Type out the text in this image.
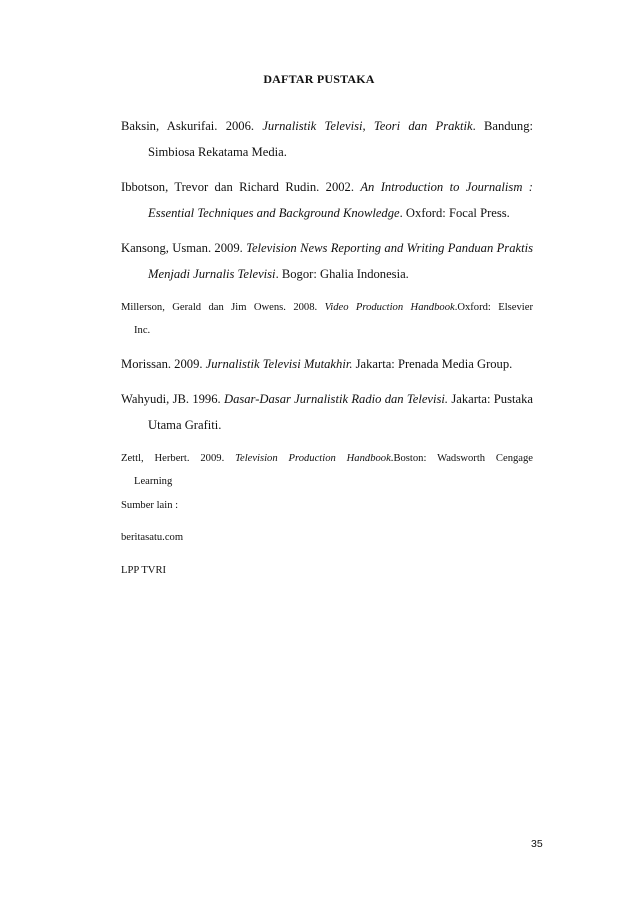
DAFTAR PUSTAKA

Baksin, Askurifai. 2006. Jurnalistik Televisi, Teori dan Praktik. Bandung:
Simbiosa Rekatama Media.

Ibbotson, Trevor dan Richard Rudin. 2002. An Introduction to Journalism :
Essential Techniques and Background Knowledge. Oxford: Focal Press.

Kansong, Usman. 2009. Television News Reporting and Writing Panduan Praktis
Menjadi Jurnalis Televisi. Bogor: Ghalia Indonesia.

Millerson, Gerald dan Jim Owens. 2008. Video Production Handbook.Oxford: Elsevier
Inc.

Morissan. 2009. Jurnalistik Televisi Mutakhir. Jakarta: Prenada Media Group.

Wahyudi, JB. 1996. Dasar-Dasar Jurnalistik Radio dan Televisi. Jakarta: Pustaka
Utama Grafiti.

Zettl, Herbert. 2009. Television Production Handbook.Boston: Wadsworth Cengage
Learning

Sumber lain :
beritasatu.com
LPP TVRI
35
